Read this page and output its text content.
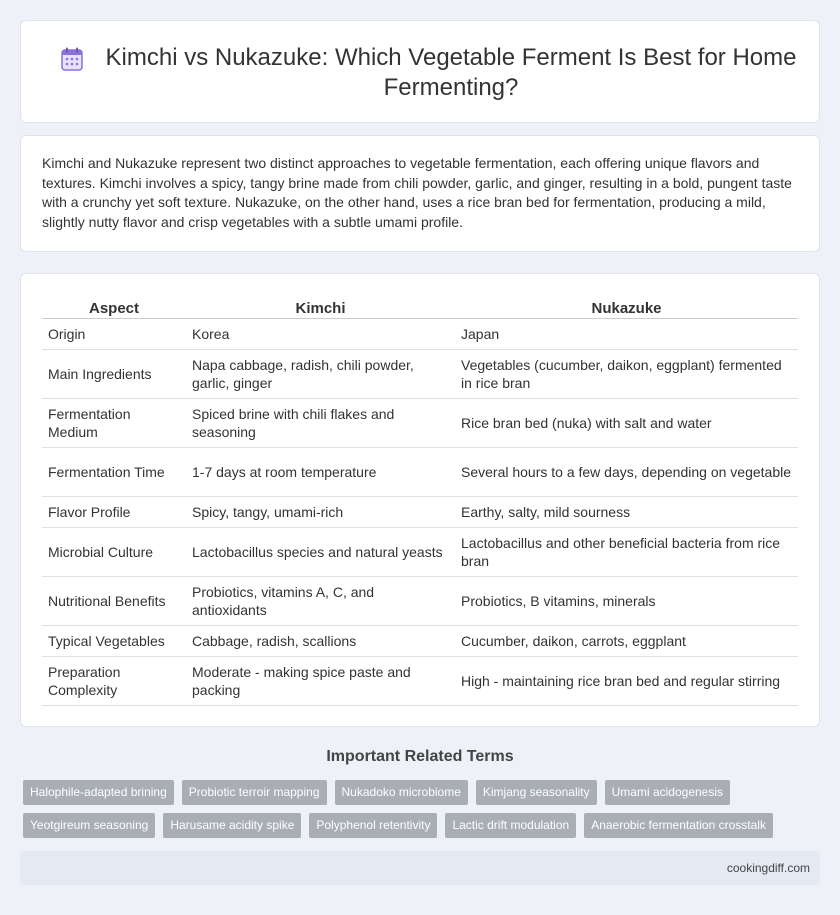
Kimchi vs Nukazuke: Which Vegetable Ferment Is Best for Home Fermenting?

Kimchi and Nukazuke represent two distinct approaches to vegetable fermentation, each offering unique flavors and textures. Kimchi involves a spicy, tangy brine made from chili powder, garlic, and ginger, resulting in a bold, pungent taste with a crunchy yet soft texture. Nukazuke, on the other hand, uses a rice bran bed for fermentation, producing a mild, slightly nutty flavor and crisp vegetables with a subtle umami profile.

Aspect	Kimchi	Nukazuke
Origin	Korea	Japan
Main Ingredients	Napa cabbage, radish, chili powder, garlic, ginger	Vegetables (cucumber, daikon, eggplant) fermented in rice bran
Fermentation Medium	Spiced brine with chili flakes and seasoning	Rice bran bed (nuka) with salt and water
Fermentation Time	1-7 days at room temperature	Several hours to a few days, depending on vegetable
Flavor Profile	Spicy, tangy, umami-rich	Earthy, salty, mild sourness
Microbial Culture	Lactobacillus species and natural yeasts	Lactobacillus and other beneficial bacteria from rice bran
Nutritional Benefits	Probiotics, vitamins A, C, and antioxidants	Probiotics, B vitamins, minerals
Typical Vegetables	Cabbage, radish, scallions	Cucumber, daikon, carrots, eggplant
Preparation Complexity	Moderate - making spice paste and packing	High - maintaining rice bran bed and regular stirring
Important Related Terms
Halophile-adapted brining	Probiotic terroir mapping	Nukadoko microbiome	Kimjang seasonality	Umami acidogenesis
Yeotgireum seasoning	Harusame acidity spike	Polyphenol retentivity	Lactic drift modulation	Anaerobic fermentation crosstalk
cookingdiff.com
